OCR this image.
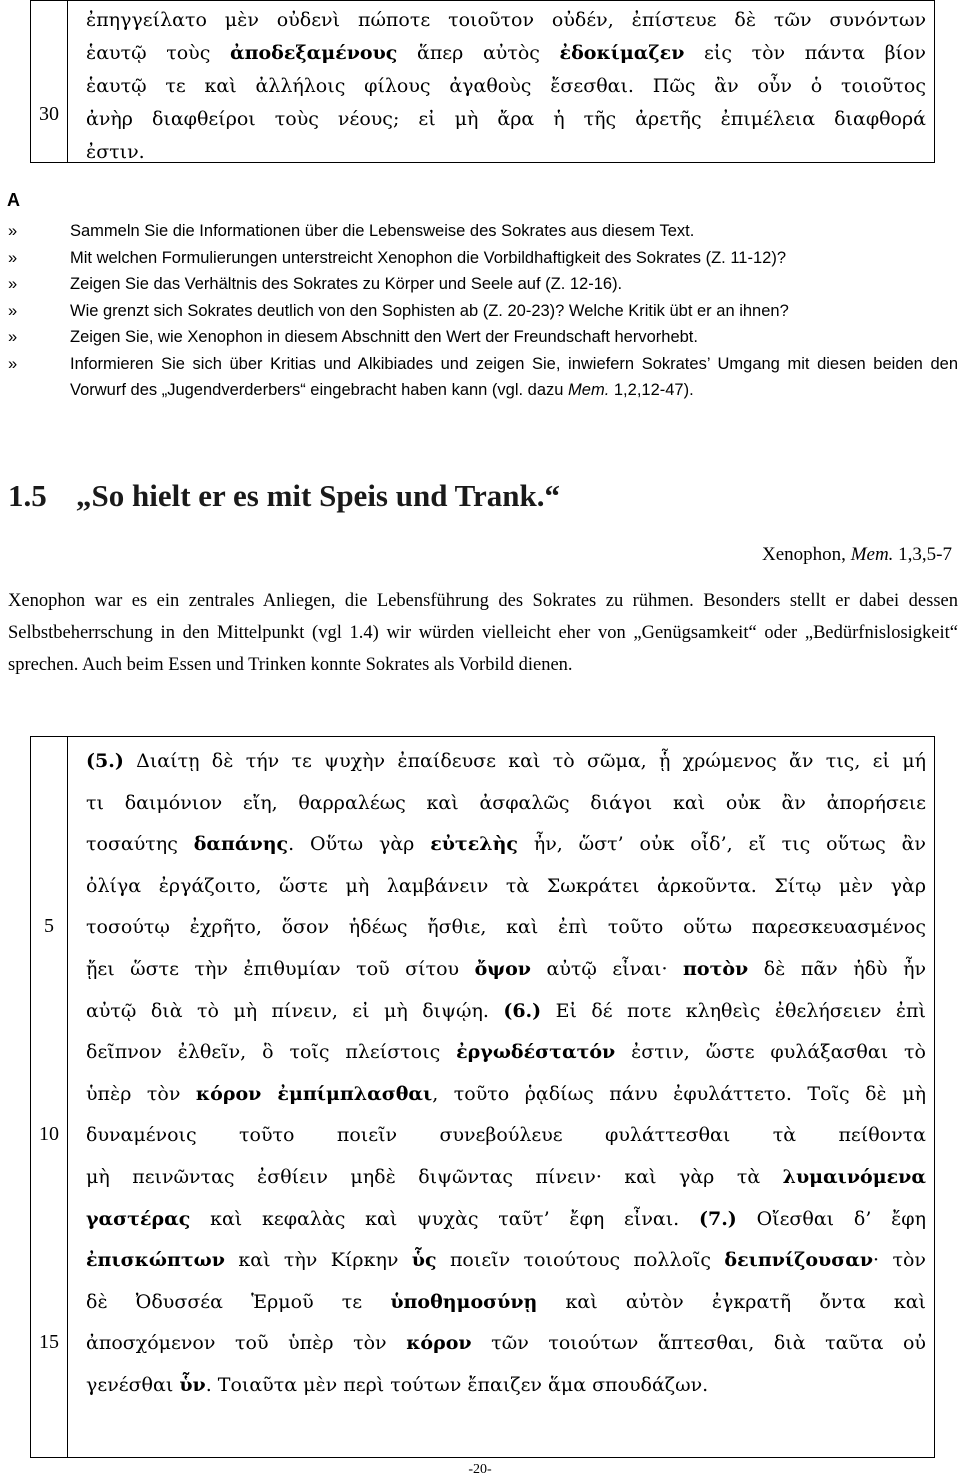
30
ἐπηγγείλατο μὲν οὐδενὶ πώποτε τοιοῦτον οὐδέν, ἐπίστευε δὲ τῶν συνόντων
ἑαυτῷ τοὺς ἀποδεξαμένους ἅπερ αὐτὸς ἐδοκίμαζεν εἰς τὸν πάντα βίον
ἑαυτῷ τε καὶ ἀλλήλοις φίλους ἀγαθοὺς ἔσεσθαι. Πῶς ἂν οὖν ὁ τοιοῦτος
ἀνὴρ διαφθείροι τοὺς νέους; εἰ μὴ ἄρα ἡ τῆς ἀρετῆς ἐπιμέλεια διαφθορά
ἐστιν.
A
»	Sammeln Sie die Informationen über die Lebensweise des Sokrates aus diesem Text.
»	Mit welchen Formulierungen unterstreicht Xenophon die Vorbildhaftigkeit des Sokrates (Z. 11-12)?
»	Zeigen Sie das Verhältnis des Sokrates zu Körper und Seele auf (Z. 12-16).
»	Wie grenzt sich Sokrates deutlich von den Sophisten ab (Z. 20-23)? Welche Kritik übt er an ihnen?
»	Zeigen Sie, wie Xenophon in diesem Abschnitt den Wert der Freundschaft hervorhebt.
»	Informieren Sie sich über Kritias und Alkibiades und zeigen Sie, inwiefern Sokrates’ Umgang mit diesen beiden den Vorwurf des „Jugendverderbers“ eingebracht haben kann (vgl. dazu Mem. 1,2,12-47).
1.5 „So hielt er es mit Speis und Trank.“
Xenophon, Mem. 1,3,5-7
Xenophon war es ein zentrales Anliegen, die Lebensführung des Sokrates zu rühmen. Besonders stellt er dabei dessen Selbstbeherrschung in den Mittelpunkt (vgl 1.4) wir würden vielleicht eher von „Genügsamkeit“ oder „Bedürfnislosigkeit“ sprechen. Auch beim Essen und Trinken konnte Sokrates als Vorbild dienen.
5
10
15
(5.) Διαίτῃ δὲ τήν τε ψυχὴν ἐπαίδευσε καὶ τὸ σῶμα, ᾗ χρώμενος ἄν τις, εἰ μή
τι δαιμόνιον εἴη, θαρραλέως καὶ ἀσφαλῶς διάγοι καὶ οὐκ ἂν ἀπορήσειε
τοσαύτης δαπάνης. Οὕτω γὰρ εὐτελὴς ἦν, ὥστ’ οὐκ οἶδ’, εἴ τις οὕτως ἂν
ὀλίγα ἐργάζοιτο, ὥστε μὴ λαμβάνειν τὰ Σωκράτει ἀρκοῦντα. Σίτῳ μὲν γὰρ
τοσούτῳ ἐχρῆτο, ὅσον ἡδέως ἤσθιε, καὶ ἐπὶ τοῦτο οὕτω παρεσκευασμένος
ᾔει ὥστε τὴν ἐπιθυμίαν τοῦ σίτου ὄψον αὐτῷ εἶναι· ποτὸν δὲ πᾶν ἡδὺ ἦν
αὐτῷ διὰ τὸ μὴ πίνειν, εἰ μὴ διψῴη. (6.) Εἰ δέ ποτε κληθεὶς ἐθελήσειεν ἐπὶ
δεῖπνον ἐλθεῖν, ὃ τοῖς πλείστοις ἐργωδέστατόν ἐστιν, ὥστε φυλάξασθαι τὸ
ὑπὲρ τὸν κόρον ἐμπίμπλασθαι, τοῦτο ῥᾳδίως πάνυ ἐφυλάττετο. Τοῖς δὲ μὴ
δυναμένοις τοῦτο ποιεῖν συνεβούλευε φυλάττεσθαι τὰ πείθοντα
μὴ πεινῶντας ἐσθίειν μηδὲ διψῶντας πίνειν· καὶ γὰρ τὰ λυμαινόμενα
γαστέρας καὶ κεφαλὰς καὶ ψυχὰς ταῦτ’ ἔφη εἶναι. (7.) Οἴεσθαι δ’ ἔφη
ἐπισκώπτων καὶ τὴν Κίρκην ὗς ποιεῖν τοιούτους πολλοῖς δειπνίζουσαν· τὸν
δὲ Ὀδυσσέα Ἑρμοῦ τε ὑποθημοσύνῃ καὶ αὐτὸν ἐγκρατῆ ὄντα καὶ
ἀποσχόμενον τοῦ ὑπὲρ τὸν κόρον τῶν τοιούτων ἅπτεσθαι, διὰ ταῦτα οὐ
γενέσθαι ὗν. Τοιαῦτα μὲν περὶ τούτων ἔπαιζεν ἅμα σπουδάζων.
-20-
